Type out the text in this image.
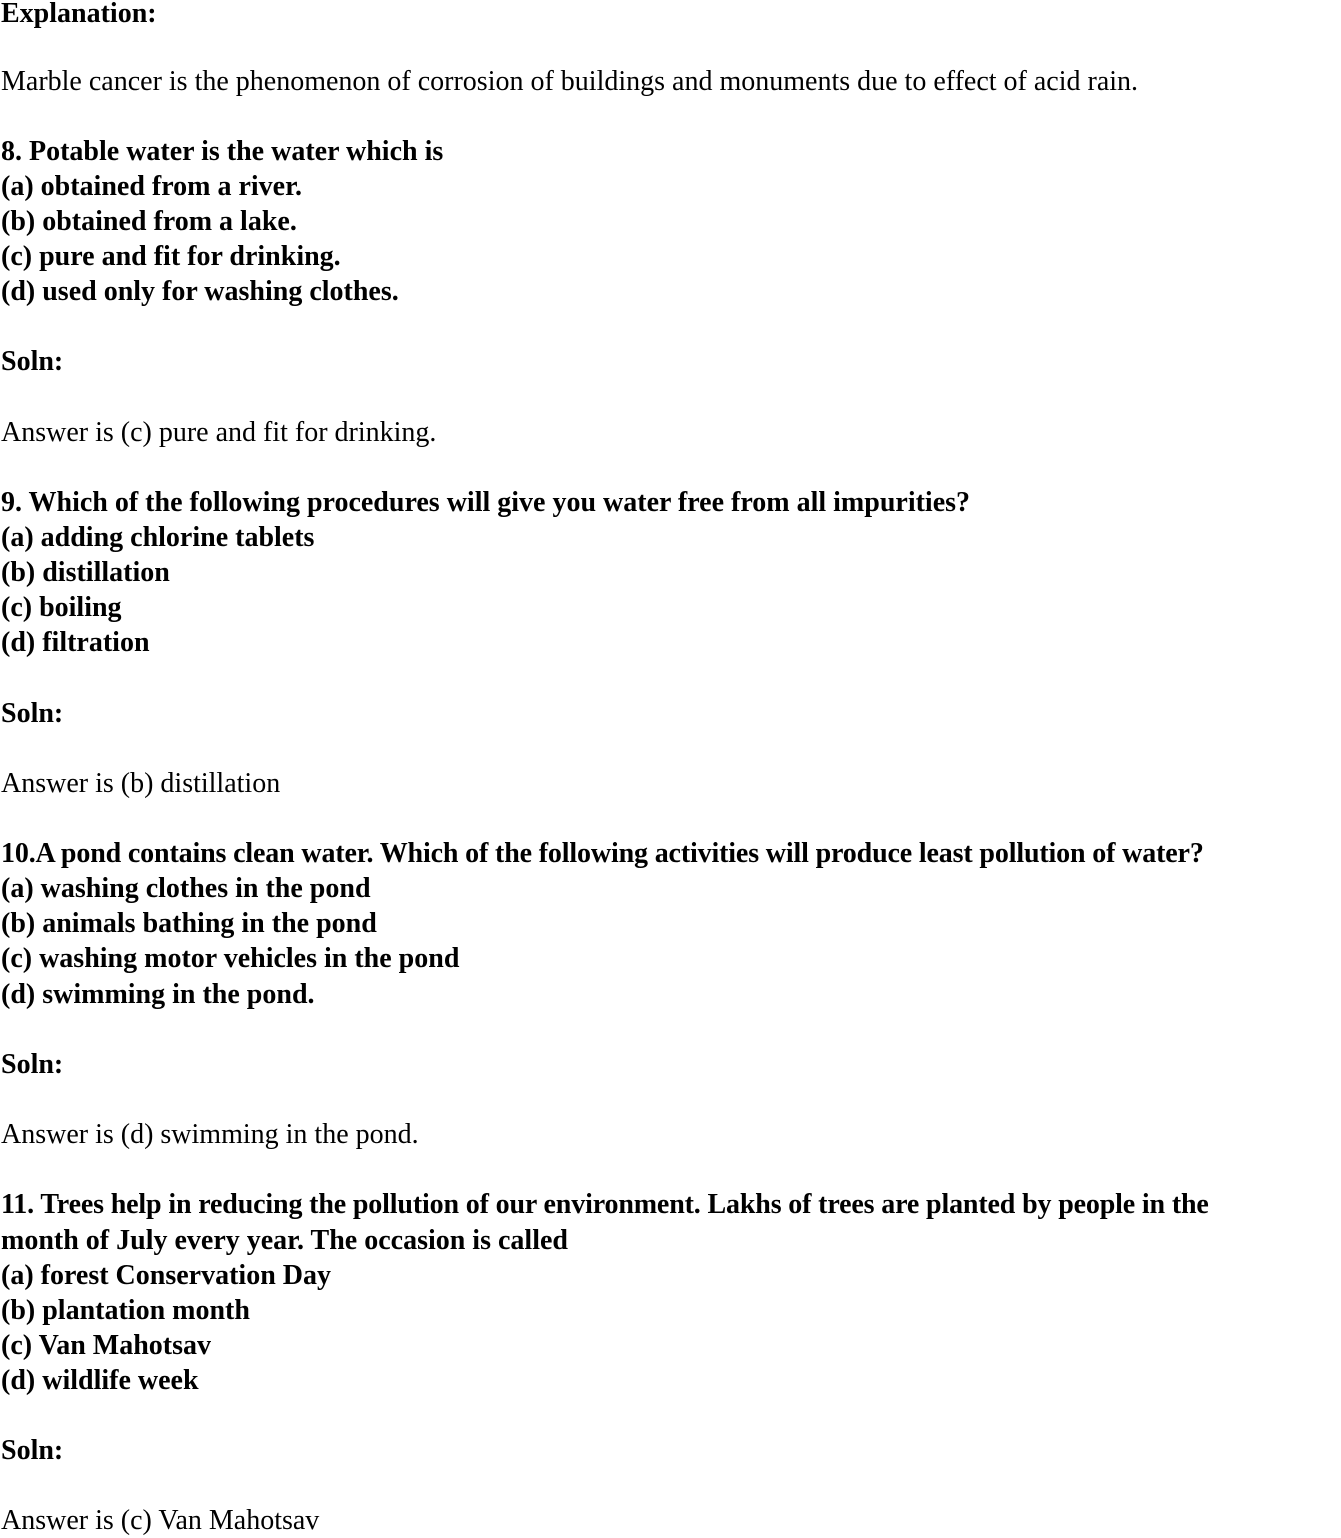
Explanation:

Marble cancer is the phenomenon of corrosion of buildings and monuments due to effect of acid rain.

8. Potable water is the water which is

(a) obtained from a river.

(b) obtained from a lake.

(c) pure and fit for drinking.

(d) used only for washing clothes.

Soln:

Answer is (c) pure and fit for drinking.

9. Which of the following procedures will give you water free from all impurities?

(a) adding chlorine tablets

(b) distillation

(c) boiling

(d) filtration

Soln:

Answer is (b) distillation

10.A pond contains clean water. Which of the following activities will produce least pollution of water?

(a) washing clothes in the pond

(b) animals bathing in the pond

(c) washing motor vehicles in the pond

(d) swimming in the pond.

Soln:

Answer is (d) swimming in the pond.

11. Trees help in reducing the pollution of our environment. Lakhs of trees are planted by people in the

month of July every year. The occasion is called

(a) forest Conservation Day

(b) plantation month

(c) Van Mahotsav

(d) wildlife week

Soln:

Answer is (c) Van Mahotsav
